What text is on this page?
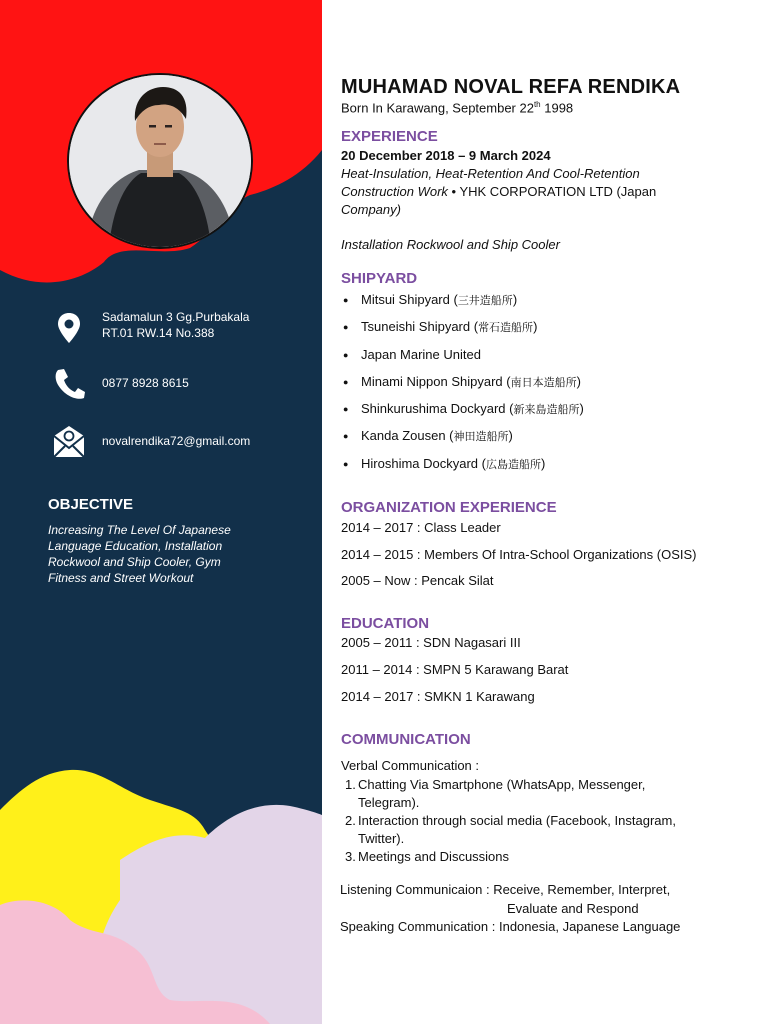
Sadamalun 3 Gg.Purbakala
RT.01 RW.14 No.388
0877 8928 8615
novalrendika72@gmail.com
OBJECTIVE
Increasing The Level Of Japanese Language Education, Installation Rockwool and Ship Cooler, Gym Fitness and Street Workout
MUHAMAD NOVAL REFA RENDIKA
Born In Karawang, September 22th 1998
EXPERIENCE
20 December 2018 – 9 March 2024
Heat-Insulation, Heat-Retention And Cool-Retention
Construction Work • YHK CORPORATION LTD (Japan
Company)
Installation Rockwool and Ship Cooler
SHIPYARD
● Mitsui Shipyard (三井造船所)
● Tsuneishi Shipyard (常石造船所)
● Japan Marine United
● Minami Nippon Shipyard (南日本造船所)
● Shinkurushima Dockyard (新来島造船所)
● Kanda Zousen (神田造船所)
● Hiroshima Dockyard (広島造船所)
ORGANIZATION EXPERIENCE
2014 – 2017 : Class Leader
2014 – 2015 : Members Of Intra-School Organizations (OSIS)
2005 – Now : Pencak Silat
EDUCATION
2005 – 2011 : SDN Nagasari III
2011 – 2014 : SMPN 5 Karawang Barat
2014 – 2017 : SMKN 1 Karawang
COMMUNICATION
Verbal Communication :
1. Chatting Via Smartphone (WhatsApp, Messenger,
Telegram).
2. Interaction through social media (Facebook, Instagram,
Twitter).
3. Meetings and Discussions
Listening Communicaion : Receive, Remember, Interpret,
Evaluate and Respond
Speaking Communication : Indonesia, Japanese Language
